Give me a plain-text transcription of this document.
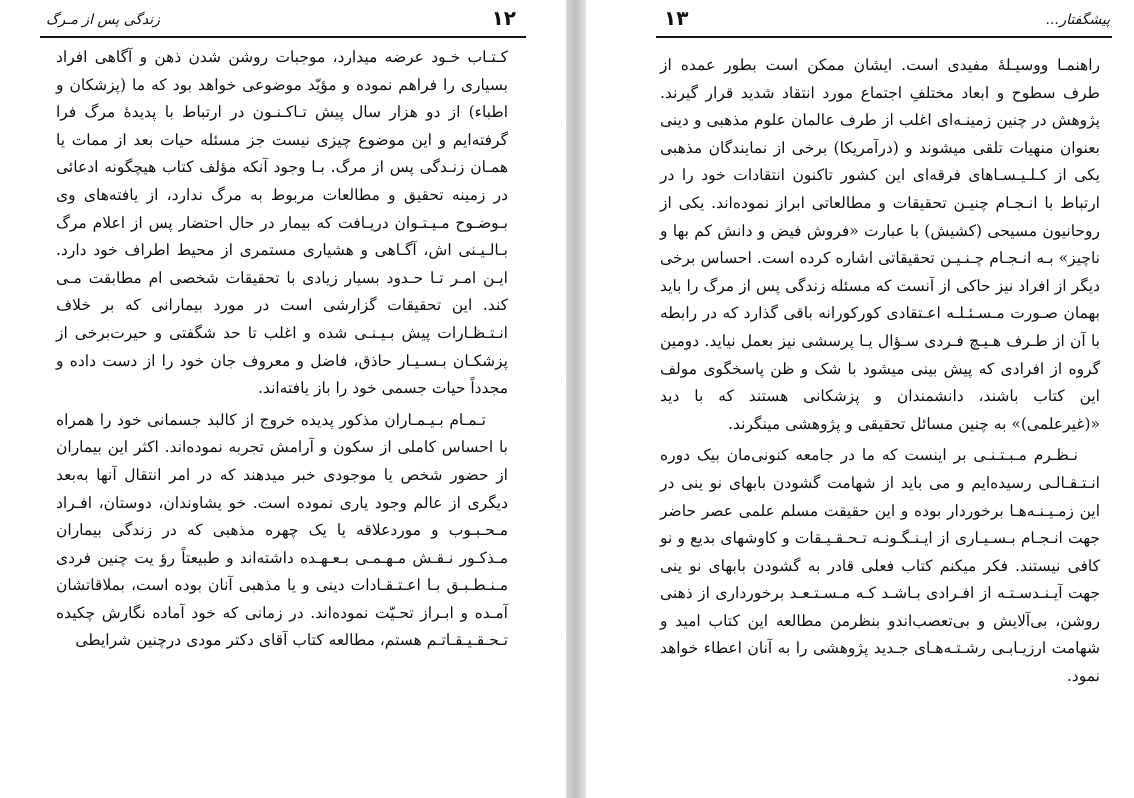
۱۲
زندگی پس از مـرگ

کـتـاب خـود عرضه میدارد، موجبات روشن شدن ذهن و آگاهی افراد بسیاری را فراهم نموده و مؤیّد موضوعی خواهد بود که ما (پزشکان و اطباء) از دو هزار سال پیش تـاکـنـون در ارتباط با پدیدهٔ مرگ فرا گرفته‌ایم و این موضوع چیزی نیست جز مسئله حیات بعد از ممات یا همـان زنـدگی پس از مرگ. بـا وجود آنکه مؤلف کتاب هیچگونه ادعائی در زمینه تحقیق و مطالعات مربوط به مرگ ندارد، از یافته‌های وی بـوضـوح مـیـتـوان دریـافت که بیمار در حال احتضار پس از اعلام مرگ بـالـیـنی اش، آگـاهی و هشیاری مستمری از محیط اطراف خود دارد. ایـن امـر تـا حـدود بسیار زیادی با تحقیقات شخصی ام مطابقت مـی کند. این تحقیقات گزارشی است در مورد بیمارانی که بر خلاف انـتـظـارات پیش بـیـنـی شده و اغلب تا حد شگفتی و حیرت‌برخی از پزشکـان بـسـیـار حاذق، فاضل و معروف جان خود را از دست داده و مجدداً حیات جسمی خود را باز یافته‌اند.

تـمـام بـیـمـاران مذکور پدیده خروج از کالبد جسمانی خود را همراه با احساس کاملی از سکون و آرامش تجربه نموده‌اند. اکثر این بیماران از حضور شخص یا موجودی خبر میدهند که در امر انتقال آنها به‌بعد دیگری از عالم وجود یاری نموده است. خو یشاوندان، دوستان، افـراد مـحـبـوب و موردعلاقه یا یک چهره مذهبی که در زندگی بیماران مـذکـور نـقـش مـهـمـی بـعـهـده داشته‌اند و طبیعتاً رؤ یت چنین فردی مـنـطـبـق بـا اعـتـقـادات دینی و یا مذهبی آنان بوده است، بملاقاتشان آمـده و ابـراز تحـیّت نموده‌اند. در زمانی که خود آماده نگارش چکیده تـحـقـیـقـاتـم هستم، مطالعه کتاب آقای دکتر مودی درچنین شرایطی

۱۳	پیشگفتار...

راهنمـا ووسیـلهٔ مفیدی است. ایشان ممکن است بطور عمده از طرف سطوح و ابعاد مختلفِ اجتماع مورد انتقاد شدید قرار گیرند. پژوهش در چنین زمینـه‌ای اغلب از طرف عالمان علوم مذهبی و دینی بعنوان منهیات تلقی میشوند و (درآمریکا) برخی از نمایندگان مذهبی یکی از کـلـیـسـاهای فرقه‌ای این کشور تاکنون انتقادات خود را در ارتباط با انـجـام چنیـن تحقیقات و مطالعاتی ابراز نموده‌اند. یکی از روحانیون مسیحی (کشیش) با عبارت «فروش فیض و دانش کم بها و ناچیز» بـه انـجـام چـنـیـن تحقیقاتی اشاره کرده است. احساس برخی دیگر از افراد نیز حاکی از آنست که مسئله زندگی پس از مرگ را باید بهمان صـورت مـسـئـلـه اعـتقادی کورکورانه باقی گذارد که در رابطه با آن از طـرف هـیـچ فـردی سـؤال یـا پرسشی نیز بعمل نیاید. دومین گروه از افرادی که پیش بینی میشود با شک و ظن پاسخگوی مولف این کتاب باشند، دانشمندان و پزشکانی هستند که با دید «(غیرعلمی)» به چنین مسائل تحقیقی و پژوهشی مینگرند.

نـظـرم مـبـتـنـی بر اینست که ما در جامعه کنونی‌مان بیک دوره انـتـقـالـی رسیده‌ایم و می باید از شهامت گشودن بابهای نو ینی در این زمـیـنـه‌هـا برخوردار بوده و این حقیقت مسلم علمی عصر حاضر جهت انـجـام بـسـیـاری از ایـنـگـونـه تـحـقـیـقات و کاوشهای بدیع و نو کافی نیستند. فکر میکنم کتاب فعلی قادر به گشودن بابهای نو ینی جهت آیـنـدسـتـه از افـرادی بـاشـد کـه مـسـتـعـد برخورداری از ذهنی روشن، بی‌آلایش و بی‌تعصب‌اندو بنظرمن مطالعه این کتاب امید و شهامت ارزیـابـی رشـتـه‌هـای جـدید پژوهشی را به آنان اعطاء خواهد نمود.
